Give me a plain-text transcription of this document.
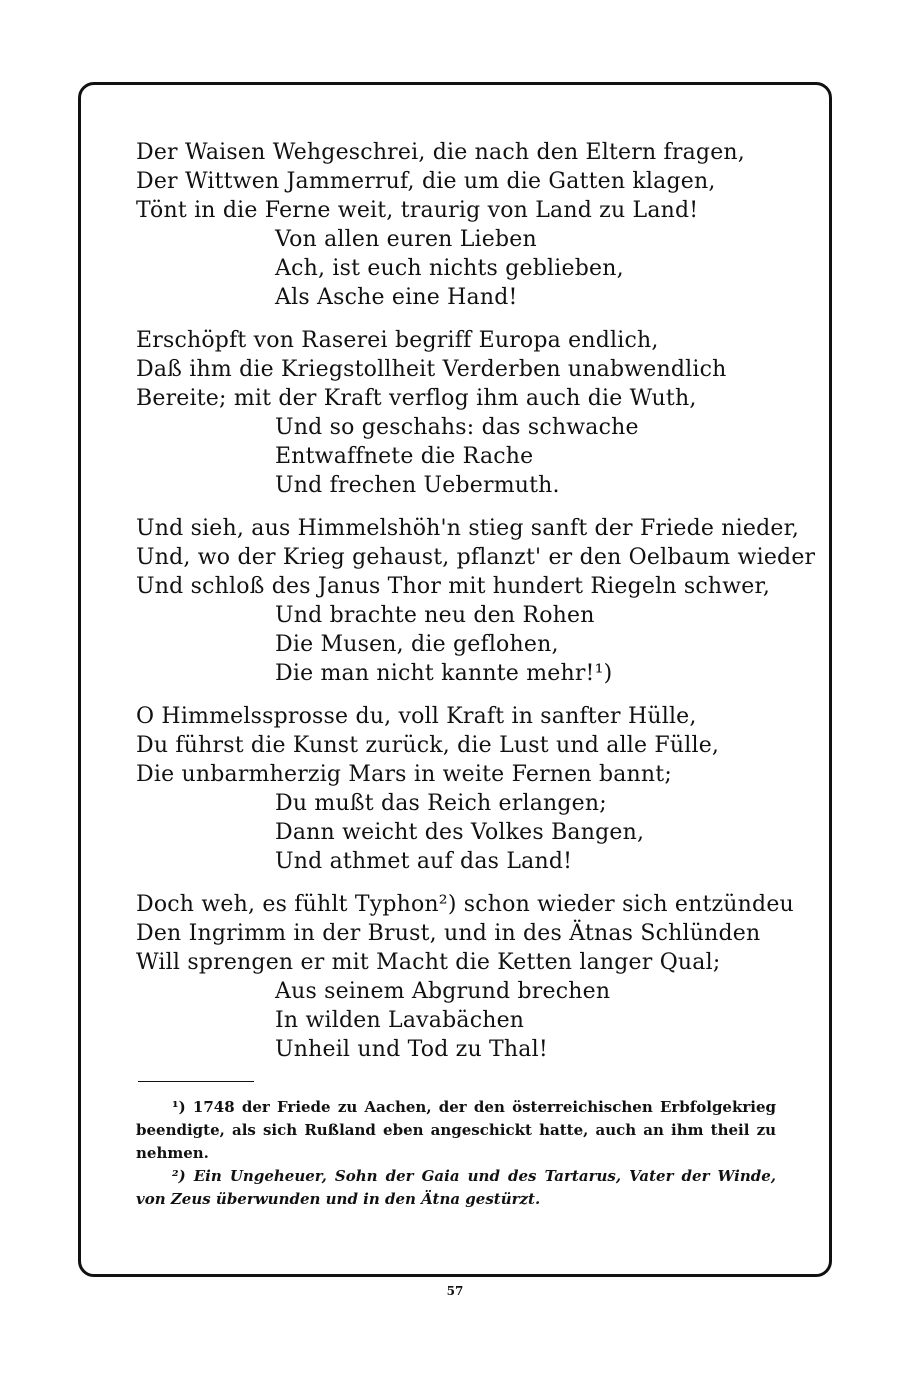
Der Waisen Wehgeschrei, die nach den Eltern fragen,
Der Wittwen Jammerruf, die um die Gatten klagen,
Tönt in die Ferne weit, traurig von Land zu Land!
Von allen euren Lieben
Ach, ist euch nichts geblieben,
Als Asche eine Hand!
Erschöpft von Raserei begriff Europa endlich,
Daß ihm die Kriegstollheit Verderben unabwendlich
Bereite; mit der Kraft verflog ihm auch die Wuth,
Und so geschahs: das schwache
Entwaffnete die Rache
Und frechen Uebermuth.
Und sieh, aus Himmelshöh'n stieg sanft der Friede nieder,
Und, wo der Krieg gehaust, pflanzt' er den Oelbaum wieder
Und schloß des Janus Thor mit hundert Riegeln schwer,
Und brachte neu den Rohen
Die Musen, die geflohen,
Die man nicht kannte mehr!¹)
O Himmelssprosse du, voll Kraft in sanfter Hülle,
Du führst die Kunst zurück, die Lust und alle Fülle,
Die unbarmherzig Mars in weite Fernen bannt;
Du mußt das Reich erlangen;
Dann weicht des Volkes Bangen,
Und athmet auf das Land!
Doch weh, es fühlt Typhon²) schon wieder sich entzündeu
Den Ingrimm in der Brust, und in des Ätnas Schlünden
Will sprengen er mit Macht die Ketten langer Qual;
Aus seinem Abgrund brechen
In wilden Lavabächen
Unheil und Tod zu Thal!
¹) 1748 der Friede zu Aachen, der den österreichischen Erbfolgekrieg beendigte, als sich Rußland eben angeschickt hatte, auch an ihm theil zu nehmen.
²) Ein Ungeheuer, Sohn der Gaia und des Tartarus, Vater der Winde, von Zeus überwunden und in den Ätna gestürzt.
57
